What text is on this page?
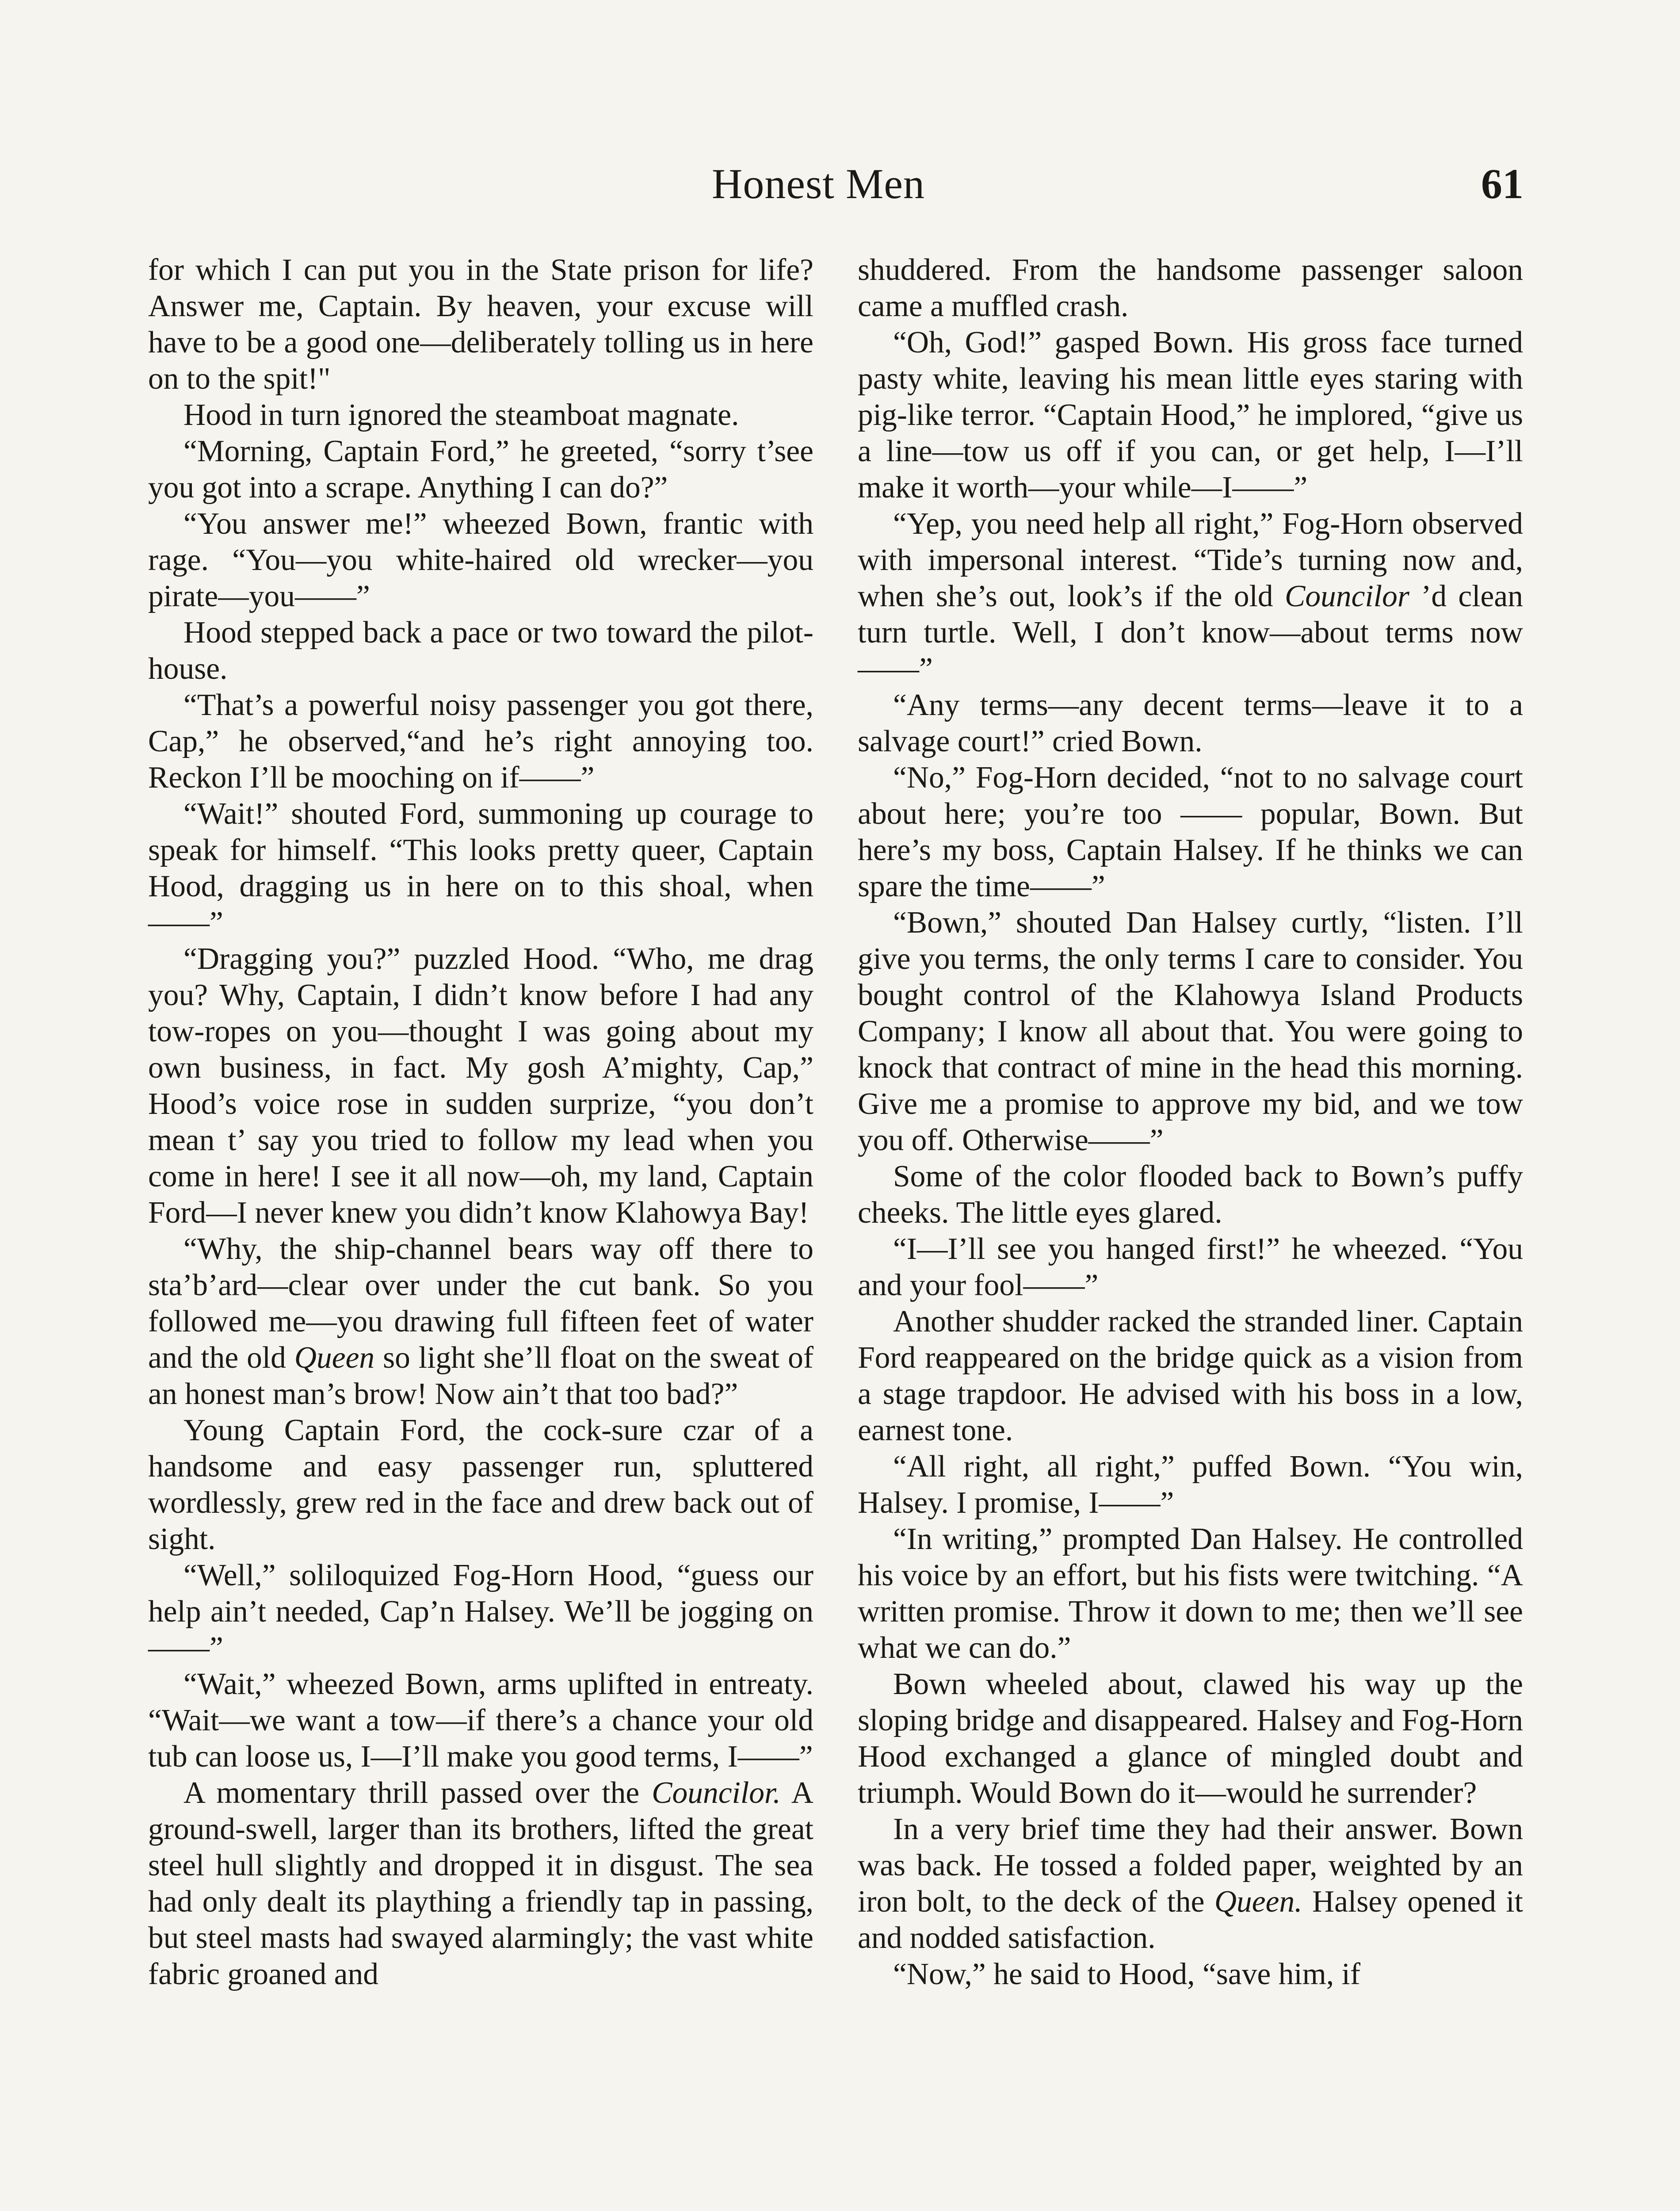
Honest Men	61

for which I can put you in the State prison for life? Answer me, Captain. By heaven, your excuse will have to be a good one—deliberately tolling us in here on to the spit!"

Hood in turn ignored the steamboat magnate.

“Morning, Captain Ford,” he greeted, “sorry t’see you got into a scrape. Anything I can do?”

“You answer me!” wheezed Bown, frantic with rage. “You—you white-haired old wrecker—you pirate—you——”

Hood stepped back a pace or two toward the pilot-house.

“That’s a powerful noisy passenger you got there, Cap,” he observed,“and he’s right annoying too. Reckon I’ll be mooching on if——”

“Wait!” shouted Ford, summoning up courage to speak for himself. “This looks pretty queer, Captain Hood, dragging us in here on to this shoal, when——”

“Dragging you?” puzzled Hood. “Who, me drag you? Why, Captain, I didn’t know before I had any tow-ropes on you—thought I was going about my own business, in fact. My gosh A’mighty, Cap,” Hood’s voice rose in sudden surprize, “you don’t mean t’ say you tried to follow my lead when you come in here! I see it all now—oh, my land, Captain Ford—I never knew you didn’t know Klahowya Bay!

“Why, the ship-channel bears way off there to sta’b’ard—clear over under the cut bank. So you followed me—you drawing full fifteen feet of water and the old Queen so light she’ll float on the sweat of an honest man’s brow! Now ain’t that too bad?”

Young Captain Ford, the cock-sure czar of a handsome and easy passenger run, spluttered wordlessly, grew red in the face and drew back out of sight.

“Well,” soliloquized Fog-Horn Hood, “guess our help ain’t needed, Cap’n Halsey. We’ll be jogging on——”

“Wait,” wheezed Bown, arms uplifted in entreaty. “Wait—we want a tow—if there’s a chance your old tub can loose us, I—I’ll make you good terms, I——”

A momentary thrill passed over the Councilor. A ground-swell, larger than its brothers, lifted the great steel hull slightly and dropped it in disgust. The sea had only dealt its plaything a friendly tap in passing, but steel masts had swayed alarmingly; the vast white fabric groaned and

shuddered. From the handsome passenger saloon came a muffled crash.

“Oh, God!” gasped Bown. His gross face turned pasty white, leaving his mean little eyes staring with pig-like terror. “Captain Hood,” he implored, “give us a line—tow us off if you can, or get help, I—I’ll make it worth—your while—I——”

“Yep, you need help all right,” Fog-Horn observed with impersonal interest. “Tide’s turning now and, when she’s out, look’s if the old Councilor ’d clean turn turtle. Well, I don’t know—about terms now——”

“Any terms—any decent terms—leave it to a salvage court!” cried Bown.

“No,” Fog-Horn decided, “not to no salvage court about here; you’re too —— popular, Bown. But here’s my boss, Captain Halsey. If he thinks we can spare the time——”

“Bown,” shouted Dan Halsey curtly, “listen. I’ll give you terms, the only terms I care to consider. You bought control of the Klahowya Island Products Company; I know all about that. You were going to knock that contract of mine in the head this morning. Give me a promise to approve my bid, and we tow you off. Otherwise——”

Some of the color flooded back to Bown’s puffy cheeks. The little eyes glared.

“I—I’ll see you hanged first!” he wheezed. “You and your fool——”

Another shudder racked the stranded liner. Captain Ford reappeared on the bridge quick as a vision from a stage trapdoor. He advised with his boss in a low, earnest tone.

“All right, all right,” puffed Bown. “You win, Halsey. I promise, I——”

“In writing,” prompted Dan Halsey. He controlled his voice by an effort, but his fists were twitching. “A written promise. Throw it down to me; then we’ll see what we can do.”

Bown wheeled about, clawed his way up the sloping bridge and disappeared. Halsey and Fog-Horn Hood exchanged a glance of mingled doubt and triumph. Would Bown do it—would he surrender?

In a very brief time they had their answer. Bown was back. He tossed a folded paper, weighted by an iron bolt, to the deck of the Queen. Halsey opened it and nodded satisfaction.

“Now,” he said to Hood, “save him, if
